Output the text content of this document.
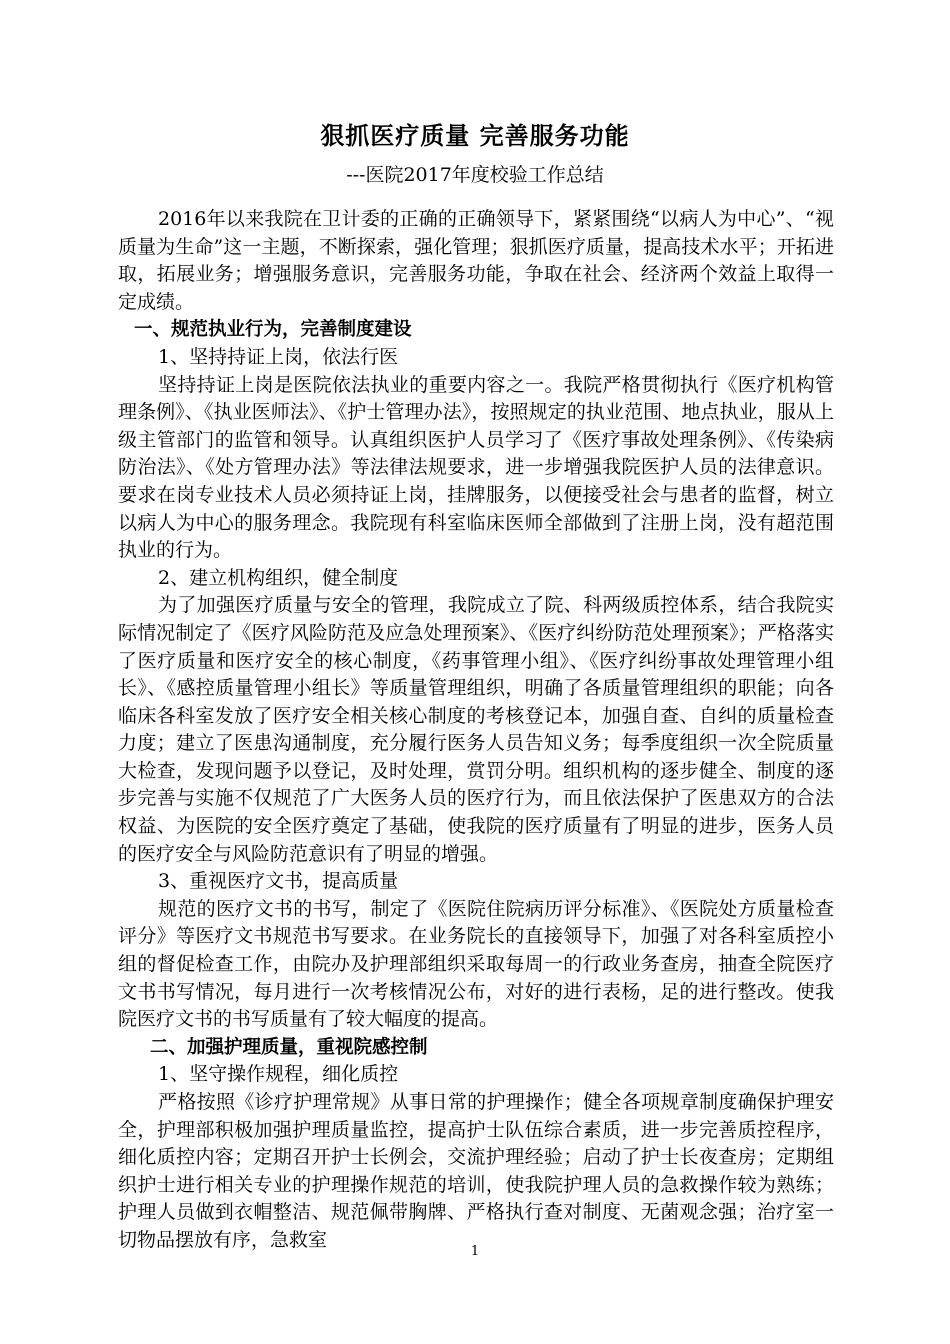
狠抓医疗质量 完善服务功能
---医院2017年度校验工作总结

2016年以来我院在卫计委的正确的正确领导下，紧紧围绕“以病人为中心”、“视质量为生命”这一主题，不断探索，强化管理；狠抓医疗质量，提高技术水平；开拓进取，拓展业务；增强服务意识，完善服务功能，争取在社会、经济两个效益上取得一定成绩。

一、规范执业行为，完善制度建设

1、坚持持证上岗，依法行医

坚持持证上岗是医院依法执业的重要内容之一。我院严格贯彻执行《医疗机构管理条例》、《执业医师法》、《护士管理办法》，按照规定的执业范围、地点执业，服从上级主管部门的监管和领导。认真组织医护人员学习了《医疗事故处理条例》、《传染病防治法》、《处方管理办法》等法律法规要求，进一步增强我院医护人员的法律意识。要求在岗专业技术人员必须持证上岗，挂牌服务，以便接受社会与患者的监督，树立以病人为中心的服务理念。我院现有科室临床医师全部做到了注册上岗，没有超范围执业的行为。

2、建立机构组织，健全制度

为了加强医疗质量与安全的管理，我院成立了院、科两级质控体系，结合我院实际情况制定了《医疗风险防范及应急处理预案》、《医疗纠纷防范处理预案》；严格落实了医疗质量和医疗安全的核心制度，《药事管理小组》、《医疗纠纷事故处理管理小组长》、《感控质量管理小组长》等质量管理组织，明确了各质量管理组织的职能；向各临床各科室发放了医疗安全相关核心制度的考核登记本，加强自查、自纠的质量检查力度；建立了医患沟通制度，充分履行医务人员告知义务；每季度组织一次全院质量大检查，发现问题予以登记，及时处理，赏罚分明。组织机构的逐步健全、制度的逐步完善与实施不仅规范了广大医务人员的医疗行为，而且依法保护了医患双方的合法权益、为医院的安全医疗奠定了基础，使我院的医疗质量有了明显的进步，医务人员的医疗安全与风险防范意识有了明显的增强。

3、重视医疗文书，提高质量

规范的医疗文书的书写，制定了《医院住院病历评分标准》、《医院处方质量检查评分》等医疗文书规范书写要求。在业务院长的直接领导下，加强了对各科室质控小组的督促检查工作，由院办及护理部组织采取每周一的行政业务查房，抽查全院医疗文书书写情况，每月进行一次考核情况公布，对好的进行表杨，足的进行整改。使我院医疗文书的书写质量有了较大幅度的提高。

二、加强护理质量，重视院感控制

1、坚守操作规程，细化质控

严格按照《诊疗护理常规》从事日常的护理操作；健全各项规章制度确保护理安全，护理部积极加强护理质量监控，提高护士队伍综合素质，进一步完善质控程序，细化质控内容；定期召开护士长例会，交流护理经验；启动了护士长夜查房；定期组织护士进行相关专业的护理操作规范的培训，使我院护理人员的急救操作较为熟练；护理人员做到衣帽整洁、规范佩带胸牌、严格执行查对制度、无菌观念强；治疗室一切物品摆放有序，急救室

1
